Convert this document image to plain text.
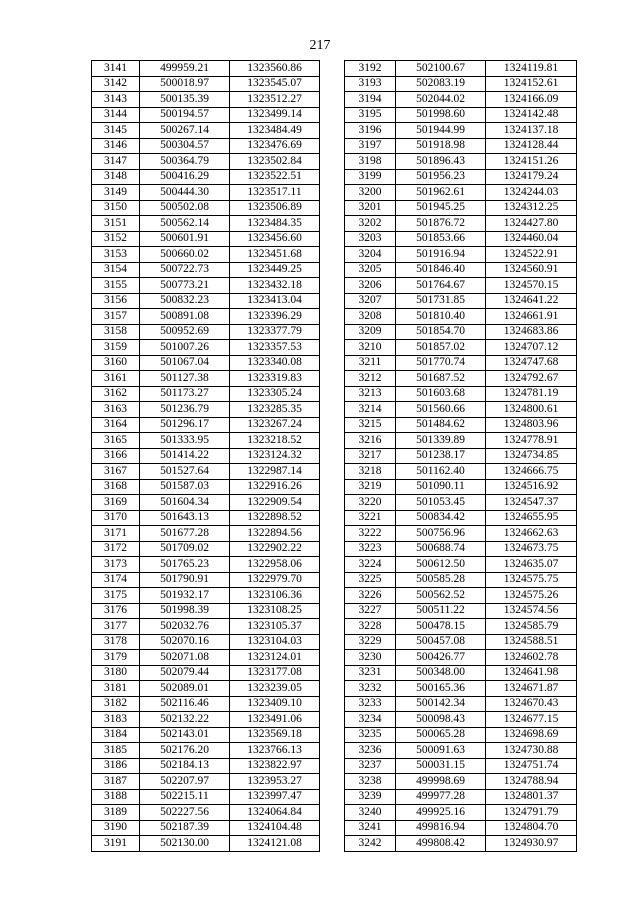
217
3141	499959.21	1323560.86
3142	500018.97	1323545.07
3143	500135.39	1323512.27
3144	500194.57	1323499.14
3145	500267.14	1323484.49
3146	500304.57	1323476.69
3147	500364.79	1323502.84
3148	500416.29	1323522.51
3149	500444.30	1323517.11
3150	500502.08	1323506.89
3151	500562.14	1323484.35
3152	500601.91	1323456.60
3153	500660.02	1323451.68
3154	500722.73	1323449.25
3155	500773.21	1323432.18
3156	500832.23	1323413.04
3157	500891.08	1323396.29
3158	500952.69	1323377.79
3159	501007.26	1323357.53
3160	501067.04	1323340.08
3161	501127.38	1323319.83
3162	501173.27	1323305.24
3163	501236.79	1323285.35
3164	501296.17	1323267.24
3165	501333.95	1323218.52
3166	501414.22	1323124.32
3167	501527.64	1322987.14
3168	501587.03	1322916.26
3169	501604.34	1322909.54
3170	501643.13	1322898.52
3171	501677.28	1322894.56
3172	501709.02	1322902.22
3173	501765.23	1322958.06
3174	501790.91	1322979.70
3175	501932.17	1323106.36
3176	501998.39	1323108.25
3177	502032.76	1323105.37
3178	502070.16	1323104.03
3179	502071.08	1323124.01
3180	502079.44	1323177.08
3181	502089.01	1323239.05
3182	502116.46	1323409.10
3183	502132.22	1323491.06
3184	502143.01	1323569.18
3185	502176.20	1323766.13
3186	502184.13	1323822.97
3187	502207.97	1323953.27
3188	502215.11	1323997.47
3189	502227.56	1324064.84
3190	502187.39	1324104.48
3191	502130.00	1324121.08
3192	502100.67	1324119.81
3193	502083.19	1324152.61
3194	502044.02	1324166.09
3195	501998.60	1324142.48
3196	501944.99	1324137.18
3197	501918.98	1324128.44
3198	501896.43	1324151.26
3199	501956.23	1324179.24
3200	501962.61	1324244.03
3201	501945.25	1324312.25
3202	501876.72	1324427.80
3203	501853.66	1324460.04
3204	501916.94	1324522.91
3205	501846.40	1324560.91
3206	501764.67	1324570.15
3207	501731.85	1324641.22
3208	501810.40	1324661.91
3209	501854.70	1324683.86
3210	501857.02	1324707.12
3211	501770.74	1324747.68
3212	501687.52	1324792.67
3213	501603.68	1324781.19
3214	501560.66	1324800.61
3215	501484.62	1324803.96
3216	501339.89	1324778.91
3217	501238.17	1324734.85
3218	501162.40	1324666.75
3219	501090.11	1324516.92
3220	501053.45	1324547.37
3221	500834.42	1324655.95
3222	500756.96	1324662.63
3223	500688.74	1324673.75
3224	500612.50	1324635.07
3225	500585.28	1324575.75
3226	500562.52	1324575.26
3227	500511.22	1324574.56
3228	500478.15	1324585.79
3229	500457.08	1324588.51
3230	500426.77	1324602.78
3231	500348.00	1324641.98
3232	500165.36	1324671.87
3233	500142.34	1324670.43
3234	500098.43	1324677.15
3235	500065.28	1324698.69
3236	500091.63	1324730.88
3237	500031.15	1324751.74
3238	499998.69	1324788.94
3239	499977.28	1324801.37
3240	499925.16	1324791.79
3241	499816.94	1324804.70
3242	499808.42	1324930.97
